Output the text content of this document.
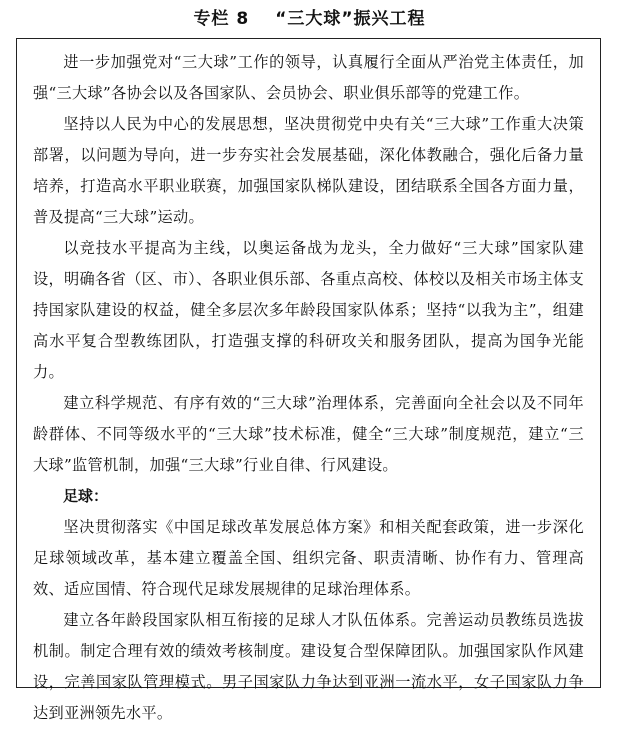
专栏 8 “三大球”振兴工程

进一步加强党对“三大球”工作的领导，认真履行全面从严治党主体责任，加强“三大球”各协会以及各国家队、会员协会、职业俱乐部等的党建工作。

坚持以人民为中心的发展思想，坚决贯彻党中央有关“三大球”工作重大决策部署，以问题为导向，进一步夯实社会发展基础，深化体教融合，强化后备力量培养，打造高水平职业联赛，加强国家队梯队建设，团结联系全国各方面力量，普及提高“三大球”运动。

以竞技水平提高为主线，以奥运备战为龙头，全力做好“三大球”国家队建设，明确各省（区、市）、各职业俱乐部、各重点高校、体校以及相关市场主体支持国家队建设的权益，健全多层次多年龄段国家队体系；坚持“以我为主”，组建高水平复合型教练团队，打造强支撑的科研攻关和服务团队，提高为国争光能力。

建立科学规范、有序有效的“三大球”治理体系，完善面向全社会以及不同年龄群体、不同等级水平的“三大球”技术标准，健全“三大球”制度规范，建立“三大球”监管机制，加强“三大球”行业自律、行风建设。

足球：

坚决贯彻落实《中国足球改革发展总体方案》和相关配套政策，进一步深化足球领域改革，基本建立覆盖全国、组织完备、职责清晰、协作有力、管理高效、适应国情、符合现代足球发展规律的足球治理体系。

建立各年龄段国家队相互衔接的足球人才队伍体系。完善运动员教练员选拔机制。制定合理有效的绩效考核制度。建设复合型保障团队。加强国家队作风建设，完善国家队管理模式。男子国家队力争达到亚洲一流水平，女子国家队力争达到亚洲领先水平。
